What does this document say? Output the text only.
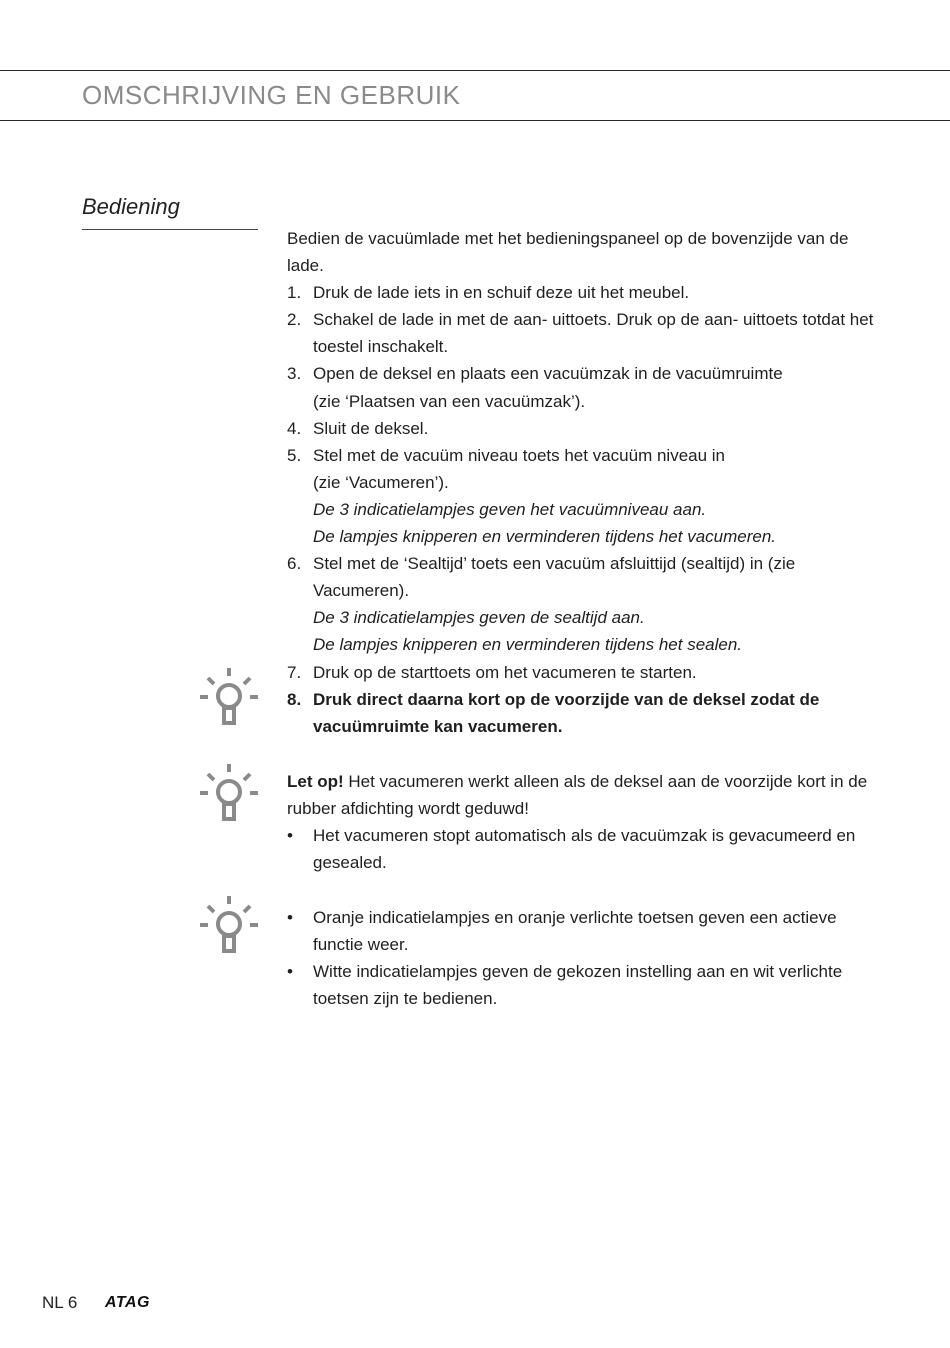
OMSCHRIJVING EN GEBRUIK
Bediening

Bedien de vacuümlade met het bedieningspaneel op de bovenzijde van de lade.

1. Druk de lade iets in en schuif deze uit het meubel.
2. Schakel de lade in met de aan- uittoets. Druk op de aan- uittoets totdat het toestel inschakelt.
3. Open de deksel en plaats een vacuümzak in de vacuümruimte
(zie ‘Plaatsen van een vacuümzak’).
4. Sluit de deksel.
5. Stel met de vacuüm niveau toets het vacuüm niveau in
(zie ‘Vacumeren’).
De 3 indicatielampjes geven het vacuümniveau aan.
De lampjes knipperen en verminderen tijdens het vacumeren.
6. Stel met de ‘Sealtijd’ toets een vacuüm afsluittijd (sealtijd) in (zie Vacumeren).
De 3 indicatielampjes geven de sealtijd aan.
De lampjes knipperen en verminderen tijdens het sealen.
7. Druk op de starttoets om het vacumeren te starten.
8. Druk direct daarna kort op de voorzijde van de deksel zodat de vacuümruimte kan vacumeren.

Let op! Het vacumeren werkt alleen als de deksel aan de voorzijde kort in de rubber afdichting wordt geduwd!

•	Het vacumeren stopt automatisch als de vacuümzak is gevacumeerd en gesealed.
•	Oranje indicatielampjes en oranje verlichte toetsen geven een actieve functie weer.
•	Witte indicatielampjes geven de gekozen instelling aan en wit verlichte toetsen zijn te bedienen.
NL 6 ATAG
